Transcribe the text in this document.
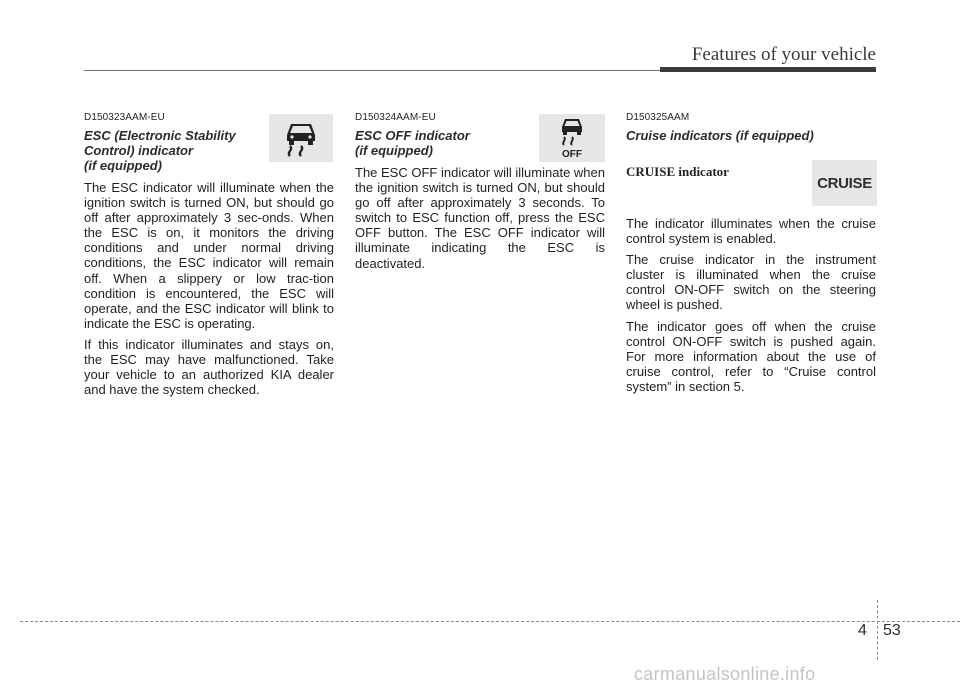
Features of your vehicle
D150323AAM-EU
ESC (Electronic Stability
Control) indicator
(if equipped)

The ESC indicator will illuminate when the ignition switch is turned ON, but should go off after approximately 3 sec-onds. When the ESC is on, it monitors the driving conditions and under normal driving conditions, the ESC indicator will remain off. When a slippery or low trac-tion condition is encountered, the ESC will operate, and the ESC indicator will blink to indicate the ESC is operating.

If this indicator illuminates and stays on, the ESC may have malfunctioned. Take your vehicle to an authorized KIA dealer and have the system checked.

D150324AAM-EU
ESC OFF indicator
(if equipped)

The ESC OFF indicator will illuminate when the ignition switch is turned ON, but should go off after approximately 3 seconds. To switch to ESC function off, press the ESC OFF button. The ESC OFF indicator will illuminate indicating the ESC is deactivated.

OFF
D150325AAM
Cruise indicators (if equipped)
CRUISE indicator

The indicator illuminates when the cruise control system is enabled.

The cruise indicator in the instrument cluster is illuminated when the cruise control ON-OFF switch on the steering wheel is pushed.

The indicator goes off when the cruise control ON-OFF switch is pushed again. For more information about the use of cruise control, refer to “Cruise control system” in section 5.

CRUISE
4 53
carmanualsonline.info
